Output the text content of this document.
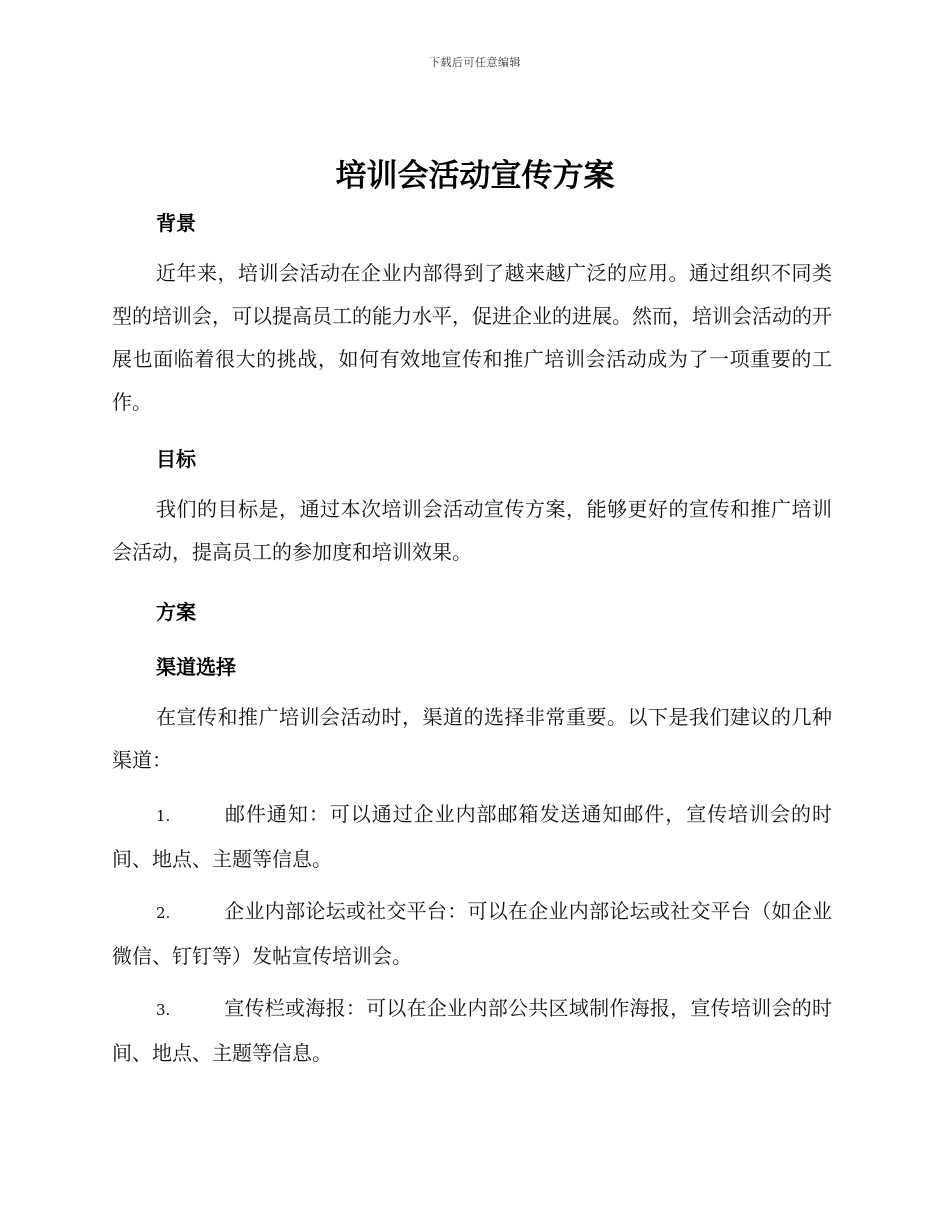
下载后可任意编辑
培训会活动宣传方案
背景

近年来，培训会活动在企业内部得到了越来越广泛的应用。通过组织不同类型的培训会，可以提高员工的能力水平，促进企业的进展。然而，培训会活动的开展也面临着很大的挑战，如何有效地宣传和推广培训会活动成为了一项重要的工作。

目标

我们的目标是，通过本次培训会活动宣传方案，能够更好的宣传和推广培训会活动，提高员工的参加度和培训效果。

方案
渠道选择

在宣传和推广培训会活动时，渠道的选择非常重要。以下是我们建议的几种渠道：

1.	邮件通知：可以通过企业内部邮箱发送通知邮件，宣传培训会的时间、地点、主题等信息。

2.	企业内部论坛或社交平台：可以在企业内部论坛或社交平台（如企业微信、钉钉等）发帖宣传培训会。

3.	宣传栏或海报：可以在企业内部公共区域制作海报，宣传培训会的时间、地点、主题等信息。
